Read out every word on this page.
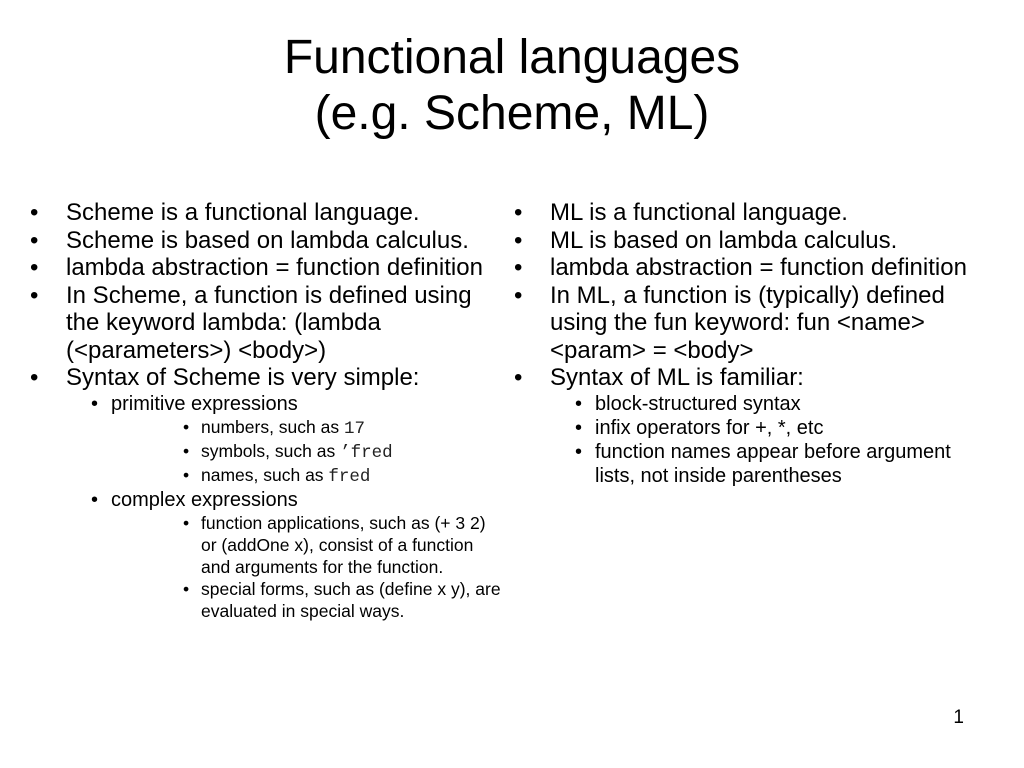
Functional languages
(e.g. Scheme, ML)
• Scheme is a functional language.
• Scheme is based on lambda calculus.
• lambda abstraction = function definition
• In Scheme, a function is defined using the keyword lambda: (lambda (<parameters>) <body>)
• Syntax of Scheme is very simple:
• primitive expressions
• numbers, such as 17
• symbols, such as ’fred
• names, such as fred
• complex expressions
• function applications, such as (+ 3 2) or (addOne x), consist of a function and arguments for the function.
• special forms, such as (define x y), are evaluated in special ways.
• ML is a functional language.
• ML is based on lambda calculus.
• lambda abstraction = function definition
• In ML, a function is (typically) defined using the fun keyword: fun <name> <param> = <body>
• Syntax of ML is familiar:
• block-structured syntax
• infix operators for +, *, etc
• function names appear before argument lists, not inside parentheses
1
